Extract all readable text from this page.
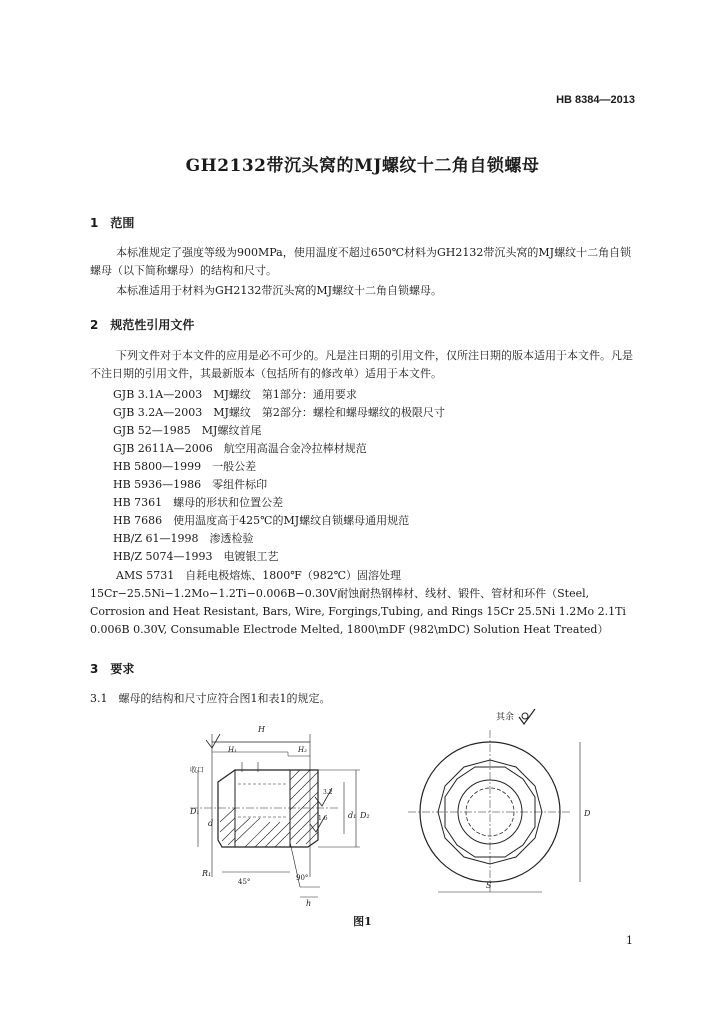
HB 8384—2013
GH2132带沉头窝的MJ螺纹十二角自锁螺母
1　范围
本标准规定了强度等级为900MPa，使用温度不超过650℃材料为GH2132带沉头窝的MJ螺纹十二角自锁螺母（以下简称螺母）的结构和尺寸。
本标准适用于材料为GH2132带沉头窝的MJ螺纹十二角自锁螺母。
2　规范性引用文件
下列文件对于本文件的应用是必不可少的。凡是注日期的引用文件，仅所注日期的版本适用于本文件。凡是不注日期的引用文件，其最新版本（包括所有的修改单）适用于本文件。
GJB 3.1A—2003　MJ螺纹　第1部分：通用要求
GJB 3.2A—2003　MJ螺纹　第2部分：螺栓和螺母螺纹的极限尺寸
GJB 52—1985　MJ螺纹首尾
GJB 2611A—2006　航空用高温合金冷拉棒材规范
HB 5800—1999　一般公差
HB 5936—1986　零组件标印
HB 7361　螺母的形状和位置公差
HB 7686　使用温度高于425℃的MJ螺纹自锁螺母通用规范
HB/Z 61—1998　渗透检验
HB/Z 5074—1993　电镀银工艺
AMS 5731　自耗电极熔炼、1800℉（982℃）固溶处理 15Cr−25.5Ni−1.2Mo−1.2Ti−0.006B−0.30V耐蚀耐热钢棒材、线材、锻件、管材和环件（Steel, Corrosion and Heat Resistant, Bars, Wire, Forgings,Tubing, and Rings 15Cr 25.5Ni 1.2Mo 2.1Ti 0.006B 0.30V, Consumable Electrode Melted, 1800\mDF (982\mDC) Solution Heat Treated）
3　要求
3.1　螺母的结构和尺寸应符合图1和表1的规定。
其余
H
H₁	H₂
收口
D₁
d
d₁ D₂
R₁
45°	90°
h
3.2
1.6
S
D
图1
1
